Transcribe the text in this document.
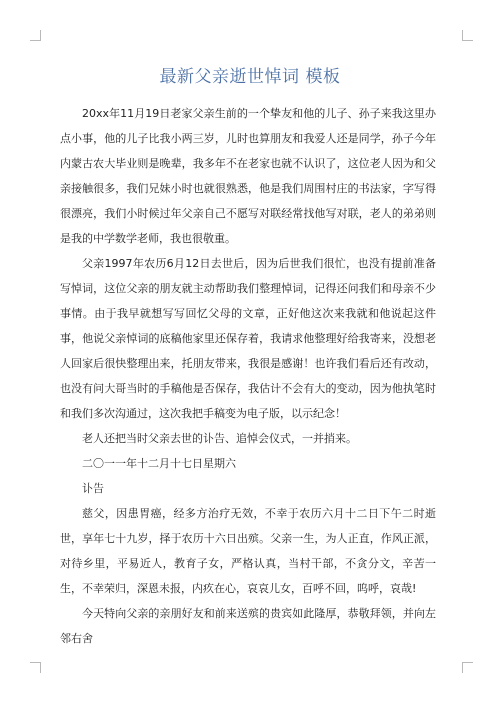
最新父亲逝世悼词 模板

20xx年11月19日老家父亲生前的一个挚友和他的儿子、孙子来我这里办点小事，他的儿子比我小两三岁，儿时也算朋友和我爱人还是同学，孙子今年内蒙古农大毕业则是晚辈，我多年不在老家也就不认识了，这位老人因为和父亲接触很多，我们兄妹小时也就很熟悉，他是我们周围村庄的书法家，字写得很漂亮，我们小时候过年父亲自己不愿写对联经常找他写对联，老人的弟弟则是我的中学数学老师，我也很敬重。

父亲1997年农历6月12日去世后，因为后世我们很忙，也没有提前准备写悼词，这位父亲的朋友就主动帮助我们整理悼词，记得还问我们和母亲不少事情。由于我早就想写写回忆父母的文章，正好他这次来我就和他说起这件事，他说父亲悼词的底稿他家里还保存着，我请求他整理好给我寄来，没想老人回家后很快整理出来，托朋友带来，我很是感谢！也许我们看后还有改动，也没有问大哥当时的手稿他是否保存，我估计不会有大的变动，因为他执笔时和我们多次沟通过，这次我把手稿变为电子版，以示纪念！

老人还把当时父亲去世的讣告、追悼会仪式，一并捎来。

二〇一一年十二月十七日星期六

讣告

慈父，因患胃癌，经多方治疗无效，不幸于农历六月十二日下午二时逝世，享年七十九岁，择于农历十六日出殡。父亲一生，为人正直，作风正派，对待乡里，平易近人，教育子女，严格认真，当村干部，不贪分文，辛苦一生，不幸荣归，深恩未报，内疚在心，哀哀儿女，百呼不回，呜呼，哀哉!

今天特向父亲的亲朋好友和前来送殡的贵宾如此隆厚，恭敬拜领，并向左邻右舍
